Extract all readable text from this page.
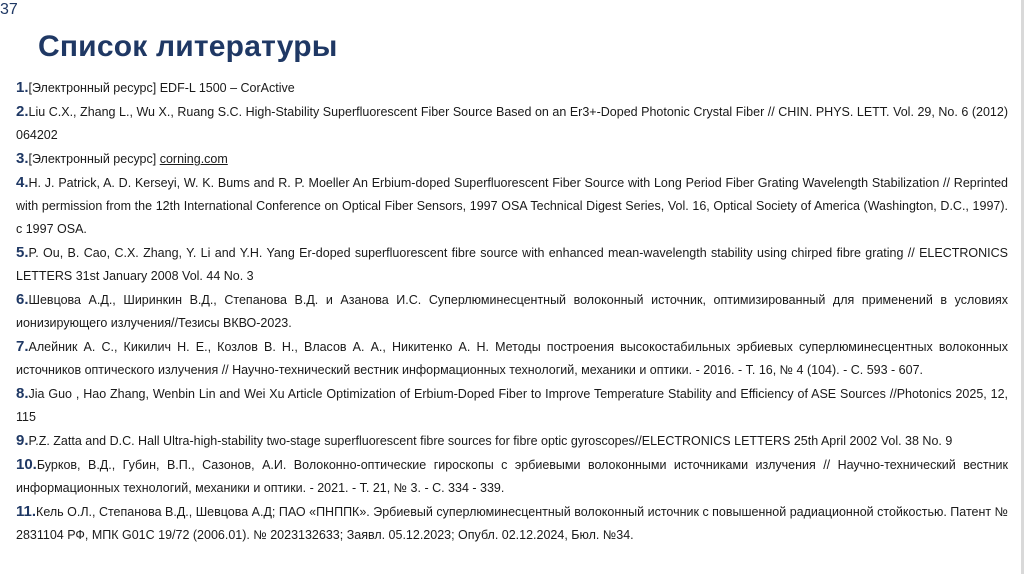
37
Список литературы
1.[Электронный ресурс] EDF-L 1500 – CorActive
2.Liu C.X., Zhang L., Wu X., Ruang S.C. High-Stability Superfluorescent Fiber Source Based on an Er3+-Doped Photonic Crystal Fiber // CHIN. PHYS. LETT. Vol. 29, No. 6 (2012) 064202
3.[Электронный ресурс] corning.com
4.H. J. Patrick, A. D. Kerseyi, W. K. Bums and R. P. Moeller An Erbium-doped Superfluorescent Fiber Source with Long Period Fiber Grating Wavelength Stabilization // Reprinted with permission from the 12th International Conference on Optical Fiber Sensors, 1997 OSA Technical Digest Series, Vol. 16, Optical Society of America (Washington, D.C., 1997). c 1997 OSA.
5.P. Ou, B. Cao, C.X. Zhang, Y. Li and Y.H. Yang Er-doped superfluorescent fibre source with enhanced mean-wavelength stability using chirped fibre grating // ELECTRONICS LETTERS 31st January 2008 Vol. 44 No. 3
6.Шевцова А.Д., Ширинкин В.Д., Степанова В.Д. и Азанова И.С. Суперлюминесцентный волоконный источник, оптимизированный для применений в условиях ионизирующего излучения//Тезисы ВКВО-2023.
7.Алейник А. С., Кикилич Н. Е., Козлов В. Н., Власов А. А., Никитенко А. Н. Методы построения высокостабильных эрбиевых суперлюминесцентных волоконных источников оптического излучения // Научно-технический вестник информационных технологий, механики и оптики. - 2016. - Т. 16, № 4 (104). - С. 593 - 607.
8.Jia Guo , Hao Zhang, Wenbin Lin and Wei Xu Article Optimization of Erbium-Doped Fiber to Improve Temperature Stability and Efficiency of ASE Sources //Photonics 2025, 12, 115
9.P.Z. Zatta and D.C. Hall Ultra-high-stability two-stage superfluorescent fibre sources for fibre optic gyroscopes//ELECTRONICS LETTERS 25th April 2002 Vol. 38 No. 9
10.Бурков, В.Д., Губин, В.П., Сазонов, А.И. Волоконно-оптические гироскопы с эрбиевыми волоконными источниками излучения // Научно-технический вестник информационных технологий, механики и оптики. - 2021. - Т. 21, № 3. - С. 334 - 339.
11.Кель О.Л., Степанова В.Д., Шевцова А.Д; ПАО «ПНППК». Эрбиевый суперлюминесцентный волоконный источник с повышенной радиационной стойкостью. Патент № 2831104 РФ, МПК G01C 19/72 (2006.01). № 2023132633; Заявл. 05.12.2023; Опубл. 02.12.2024, Бюл. №34.
